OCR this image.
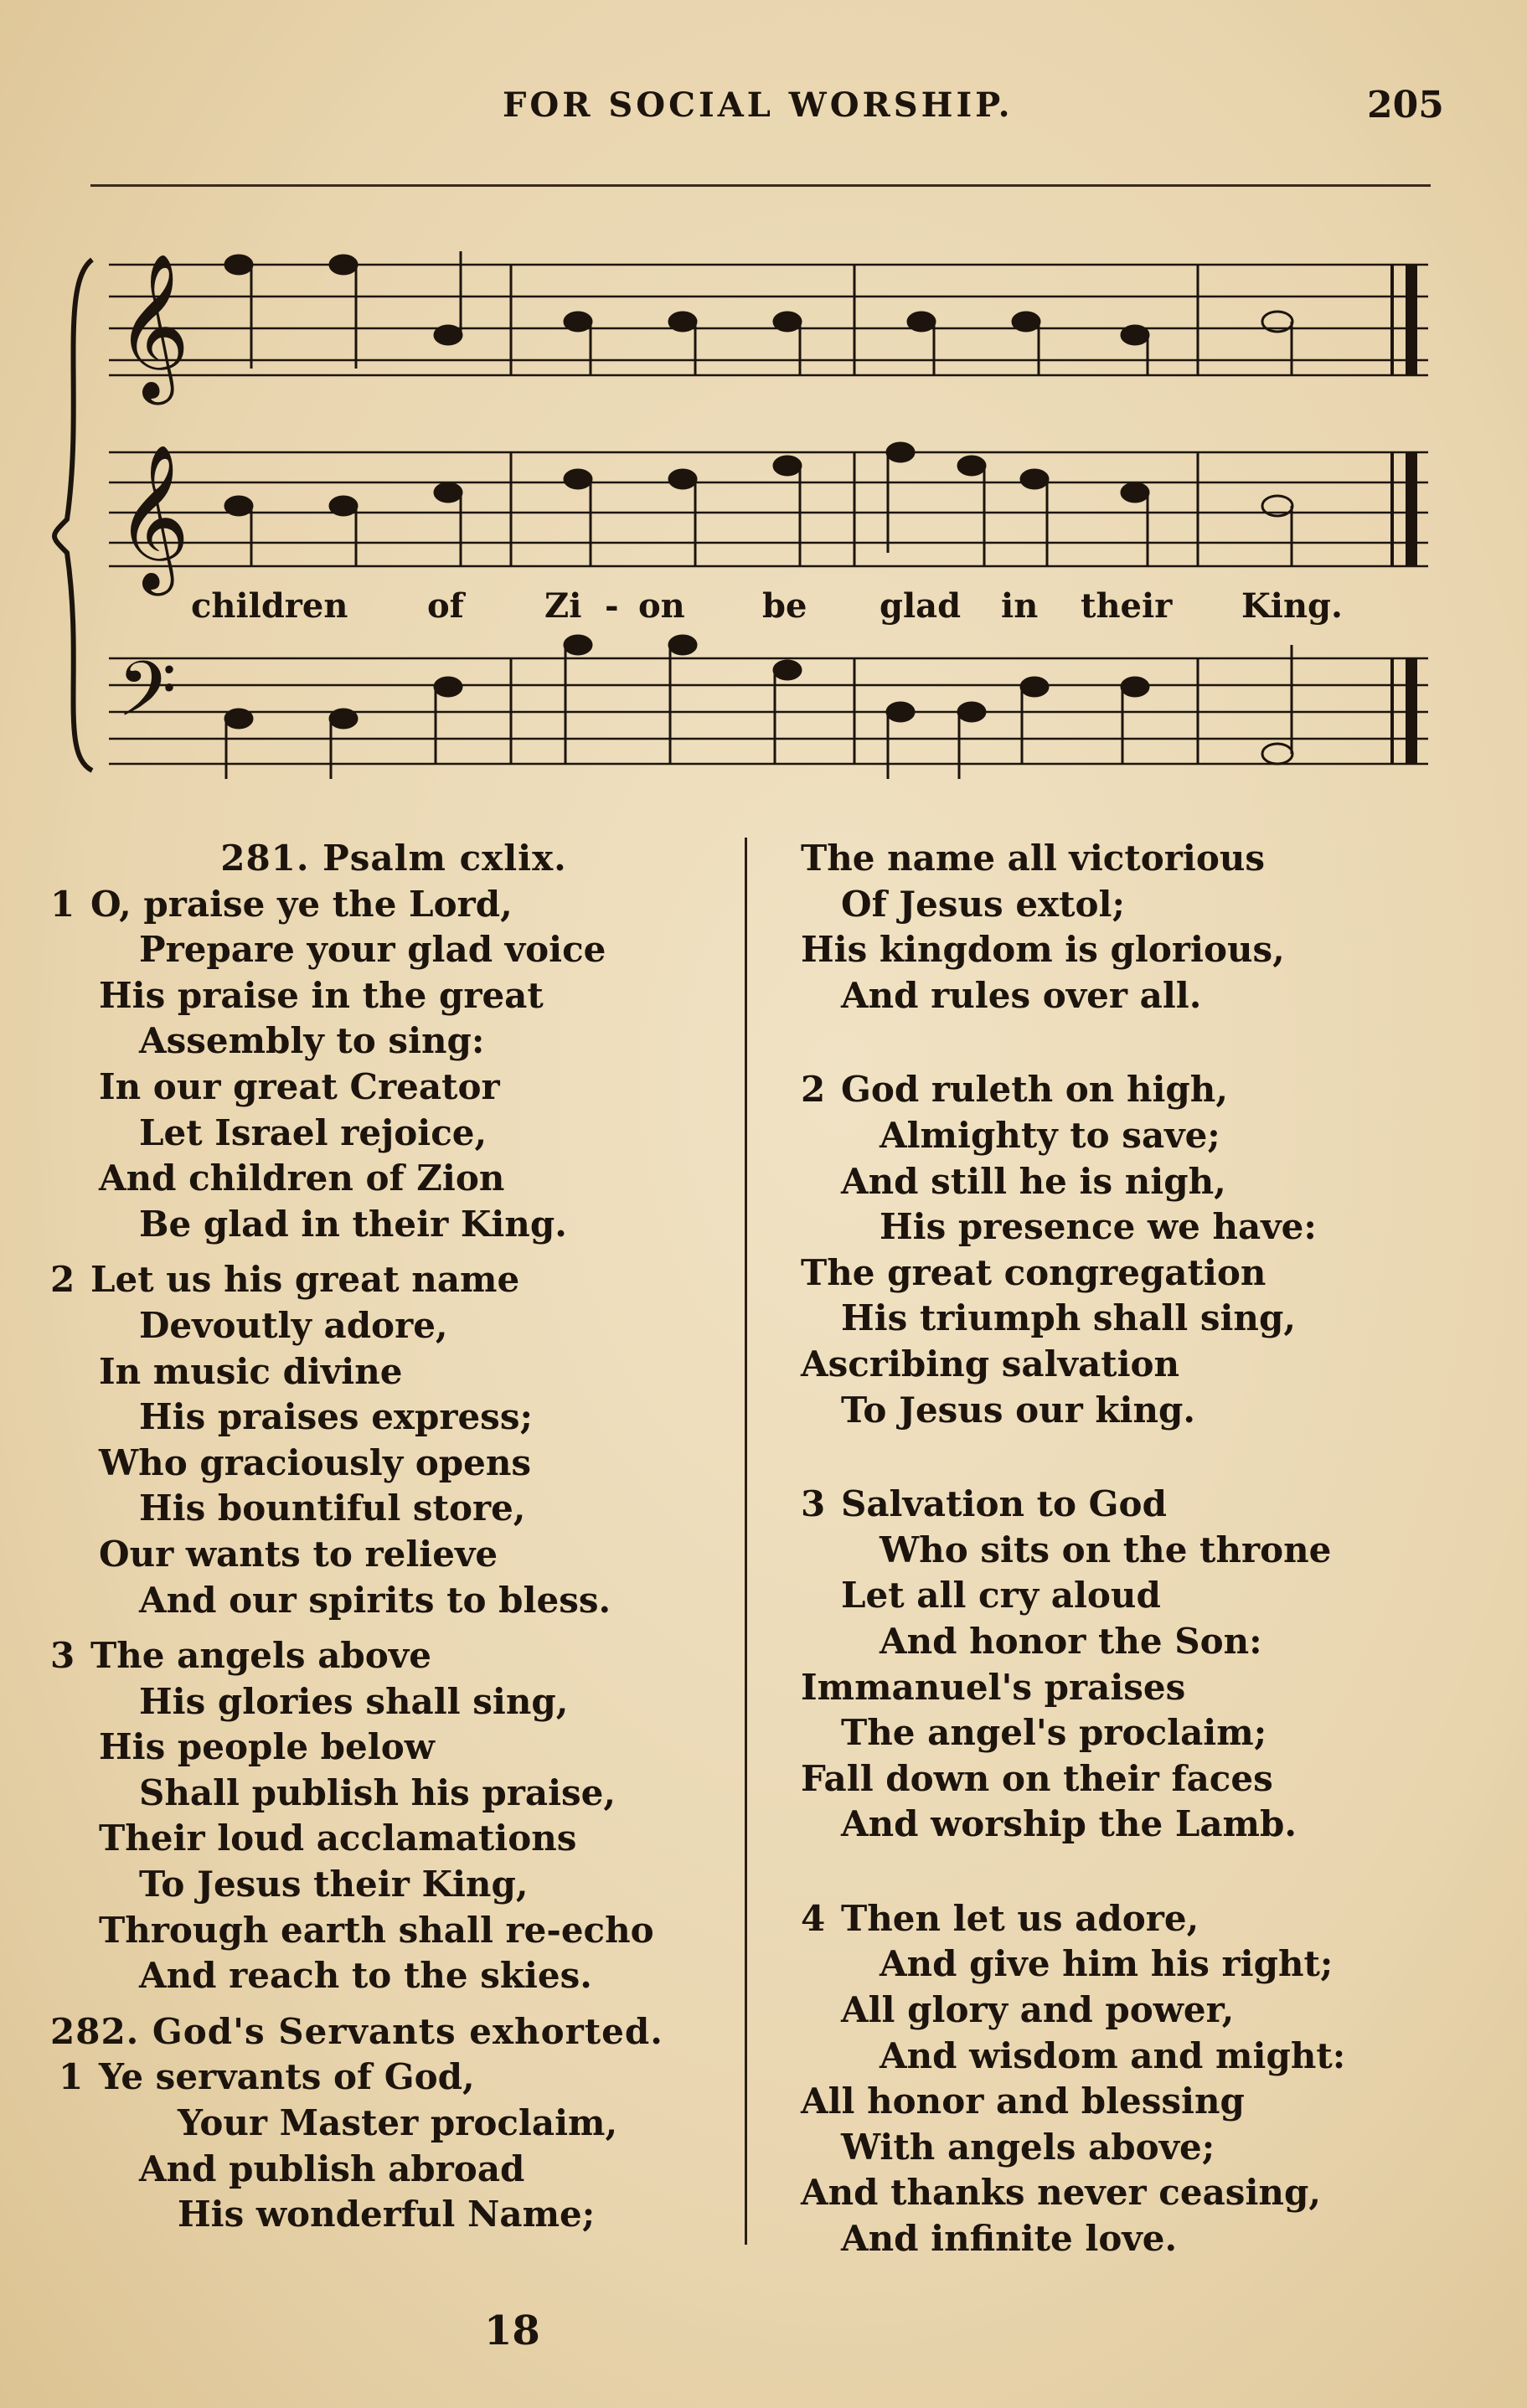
FOR SOCIAL WORSHIP.	205
𝄞
𝄞
𝄢
children of Zi - on be glad in their King.
281. Psalm cxlix.
1 O, praise ye the Lord,
Prepare your glad voice
His praise in the great
Assembly to sing:
In our great Creator
Let Israel rejoice,
And children of Zion
Be glad in their King.
2 Let us his great name
Devoutly adore,
In music divine
His praises express;
Who graciously opens
His bountiful store,
Our wants to relieve
And our spirits to bless.
3 The angels above
His glories shall sing,
His people below
Shall publish his praise,
Their loud acclamations
To Jesus their King,
Through earth shall re-echo
And reach to the skies.
282. God's Servants exhorted.
1 Ye servants of God,
Your Master proclaim,
And publish abroad
His wonderful Name;
The name all victorious
Of Jesus extol;
His kingdom is glorious,
And rules over all.
2 God ruleth on high,
Almighty to save;
And still he is nigh,
His presence we have:
The great congregation
His triumph shall sing,
Ascribing salvation
To Jesus our king.
3 Salvation to God
Who sits on the throne
Let all cry aloud
And honor the Son:
Immanuel's praises
The angel's proclaim;
Fall down on their faces
And worship the Lamb.
4 Then let us adore,
And give him his right;
All glory and power,
And wisdom and might:
All honor and blessing
With angels above;
And thanks never ceasing,
And infinite love.
18
